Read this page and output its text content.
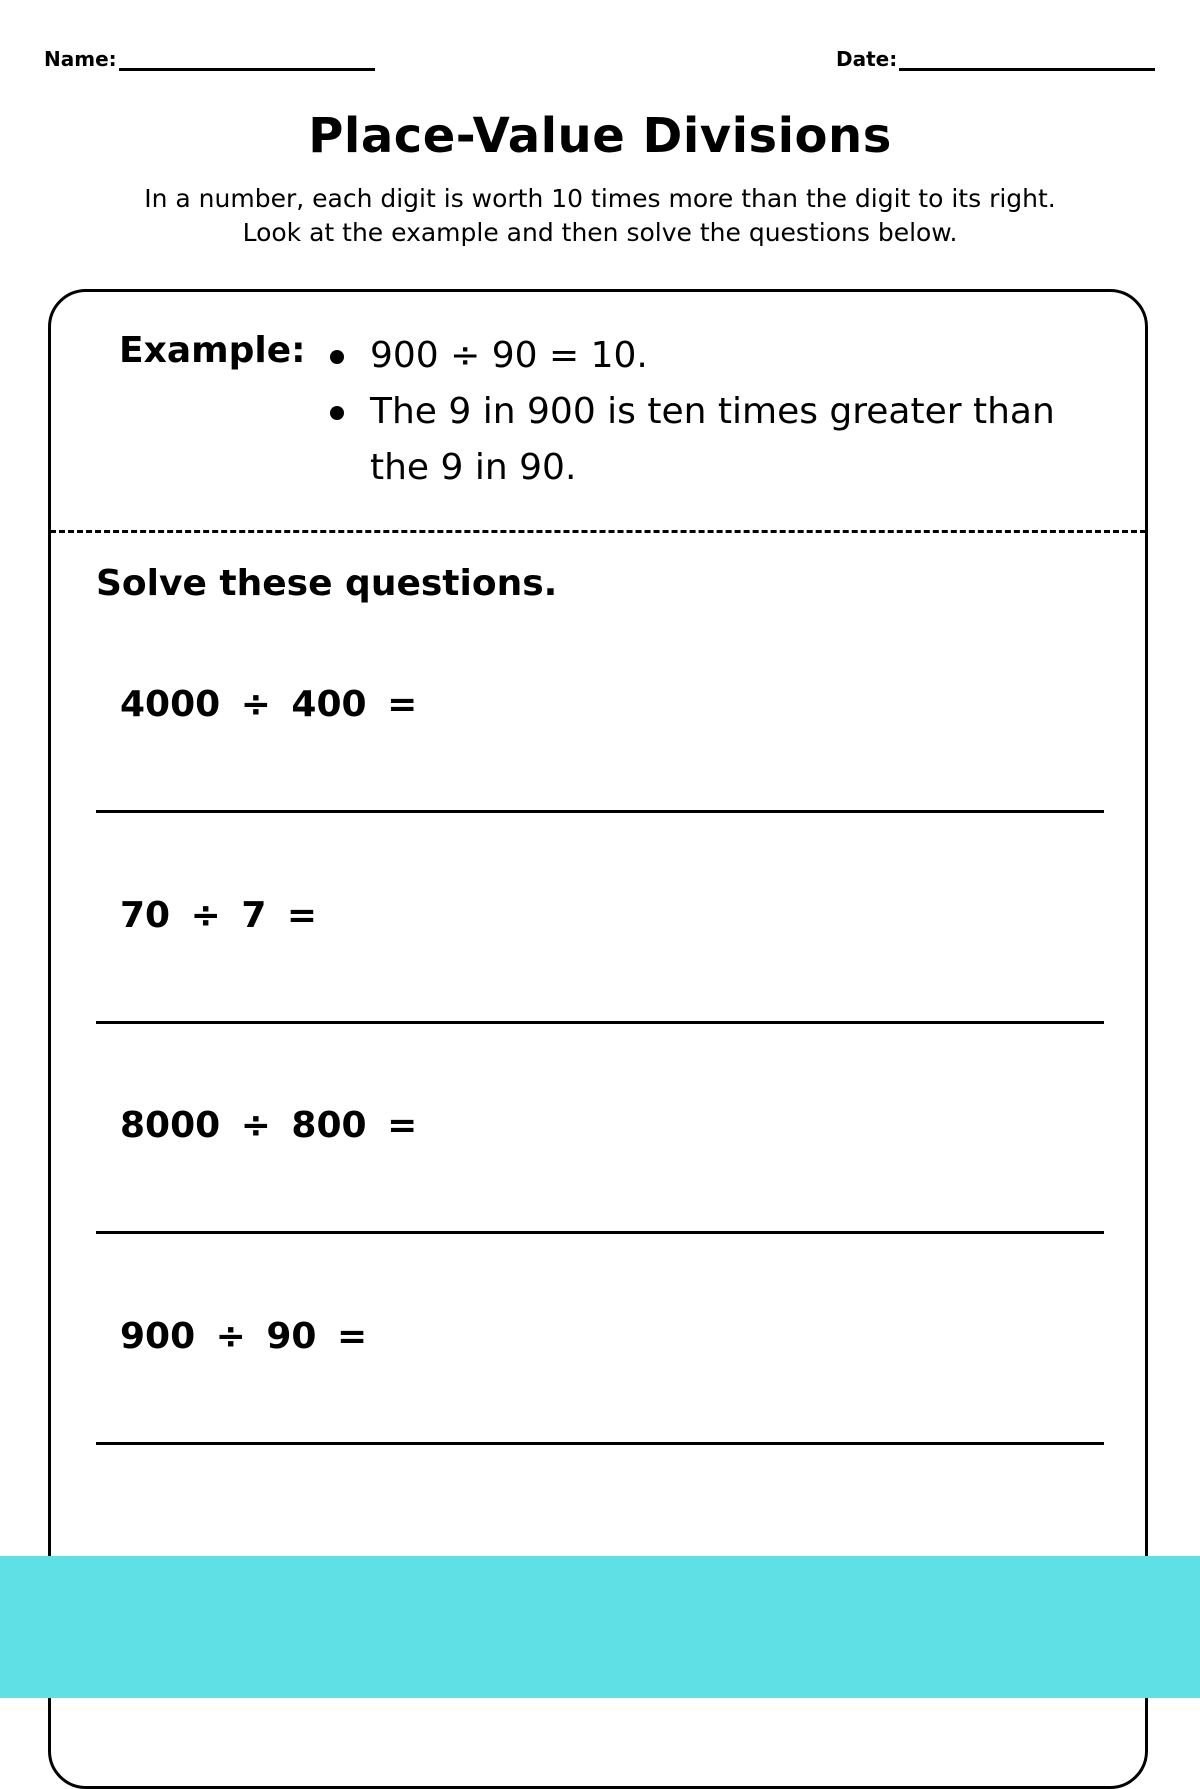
Name:	Date:
Place-Value Divisions

In a number, each digit is worth 10 times more than the digit to its right.

Look at the example and then solve the questions below.

Example:	900 ÷ 90 = 10.
The 9 in 900 is ten times greater than the 9 in 90.
Solve these questions.
4000 ÷ 400 =
70 ÷ 7 =
8000 ÷ 800 =
900 ÷ 90 =
